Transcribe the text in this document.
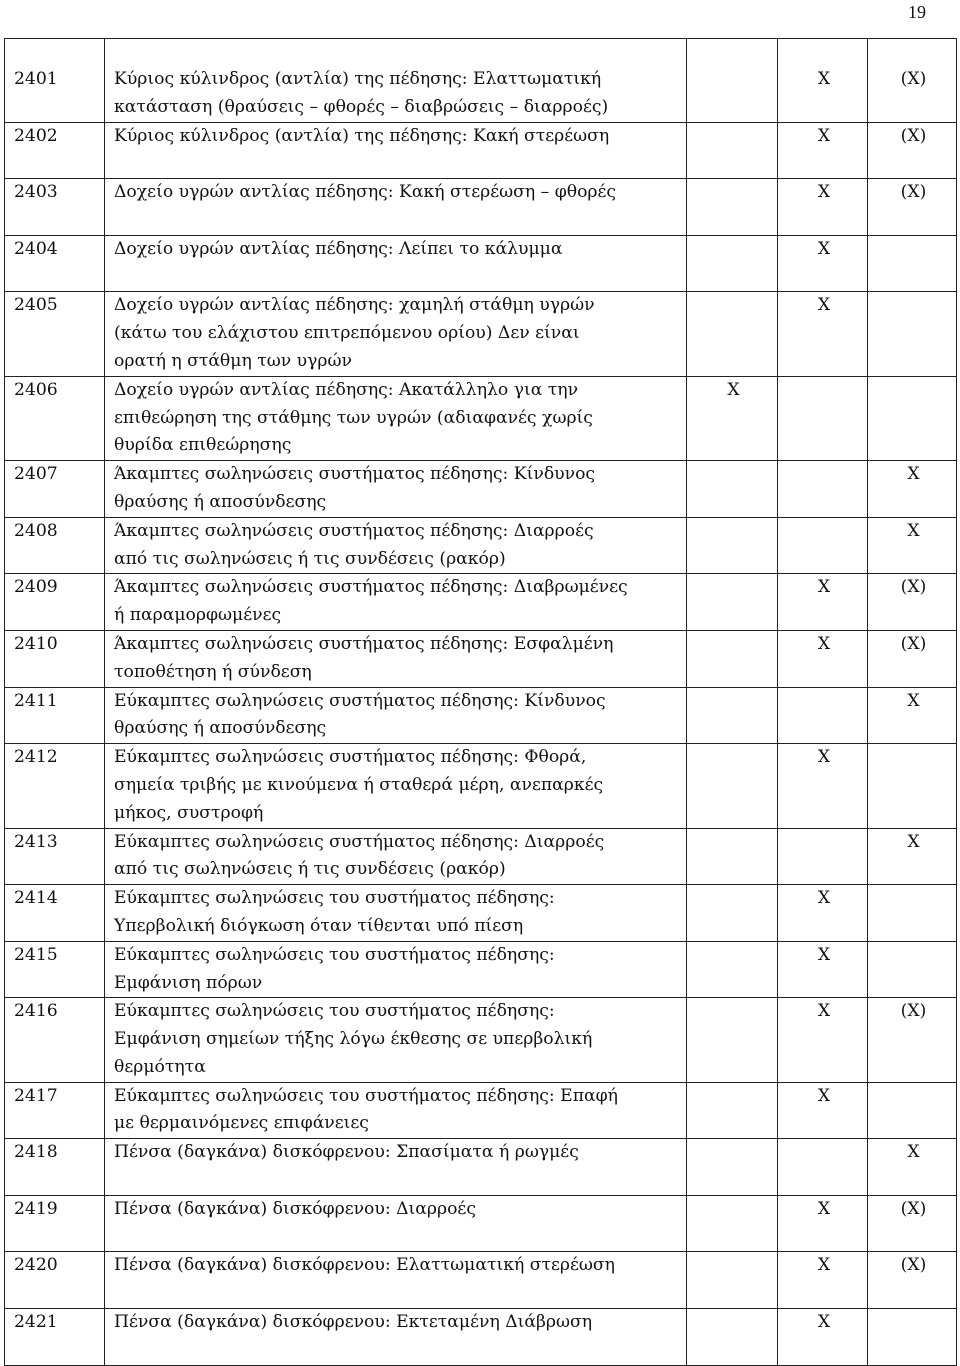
19

2401	Κύριος κύλινδρος (αντλία) της πέδησης: Ελαττωματική
κατάσταση (θραύσεις – φθορές – διαβρώσεις – διαρροές)		X	(X)

2402	Κύριος κύλινδρος (αντλία) της πέδησης: Κακή στερέωση		X	(X)

2403	Δοχείο υγρών αντλίας πέδησης: Κακή στερέωση – φθορές		X	(X)

2404	Δοχείο υγρών αντλίας πέδησης: Λείπει το κάλυμμα		X	

2405	Δοχείο υγρών αντλίας πέδησης: χαμηλή στάθμη υγρών
(κάτω του ελάχιστου επιτρεπόμενου ορίου) Δεν είναι
ορατή η στάθμη των υγρών		X	

2406	Δοχείο υγρών αντλίας πέδησης: Ακατάλληλο για την
επιθεώρηση της στάθμης των υγρών (αδιαφανές χωρίς
θυρίδα επιθεώρησης	X		

2407	Άκαμπτες σωληνώσεις συστήματος πέδησης: Κίνδυνος
θραύσης ή αποσύνδεσης			X

2408	Άκαμπτες σωληνώσεις συστήματος πέδησης: Διαρροές
από τις σωληνώσεις ή τις συνδέσεις (ρακόρ)			X

2409	Άκαμπτες σωληνώσεις συστήματος πέδησης: Διαβρωμένες
ή παραμορφωμένες		X	(X)

2410	Άκαμπτες σωληνώσεις συστήματος πέδησης: Εσφαλμένη
τοποθέτηση ή σύνδεση		X	(X)

2411	Εύκαμπτες σωληνώσεις συστήματος πέδησης: Κίνδυνος
θραύσης ή αποσύνδεσης			X

2412	Εύκαμπτες σωληνώσεις συστήματος πέδησης: Φθορά,
σημεία τριβής με κινούμενα ή σταθερά μέρη, ανεπαρκές
μήκος, συστροφή		X	

2413	Εύκαμπτες σωληνώσεις συστήματος πέδησης: Διαρροές
από τις σωληνώσεις ή τις συνδέσεις (ρακόρ)			X

2414	Εύκαμπτες σωληνώσεις του συστήματος πέδησης:
Υπερβολική διόγκωση όταν τίθενται υπό πίεση		X	

2415	Εύκαμπτες σωληνώσεις του συστήματος πέδησης:
Εμφάνιση πόρων		X	

2416	Εύκαμπτες σωληνώσεις του συστήματος πέδησης:
Εμφάνιση σημείων τήξης λόγω έκθεσης σε υπερβολική
θερμότητα		X	(X)

2417	Εύκαμπτες σωληνώσεις του συστήματος πέδησης: Επαφή
με θερμαινόμενες επιφάνειες		X	

2418	Πένσα (δαγκάνα) δισκόφρενου: Σπασίματα ή ρωγμές			X

2419	Πένσα (δαγκάνα) δισκόφρενου: Διαρροές		X	(X)

2420	Πένσα (δαγκάνα) δισκόφρενου: Ελαττωματική στερέωση		X	(X)

2421	Πένσα (δαγκάνα) δισκόφρενου: Εκτεταμένη Διάβρωση		X	
